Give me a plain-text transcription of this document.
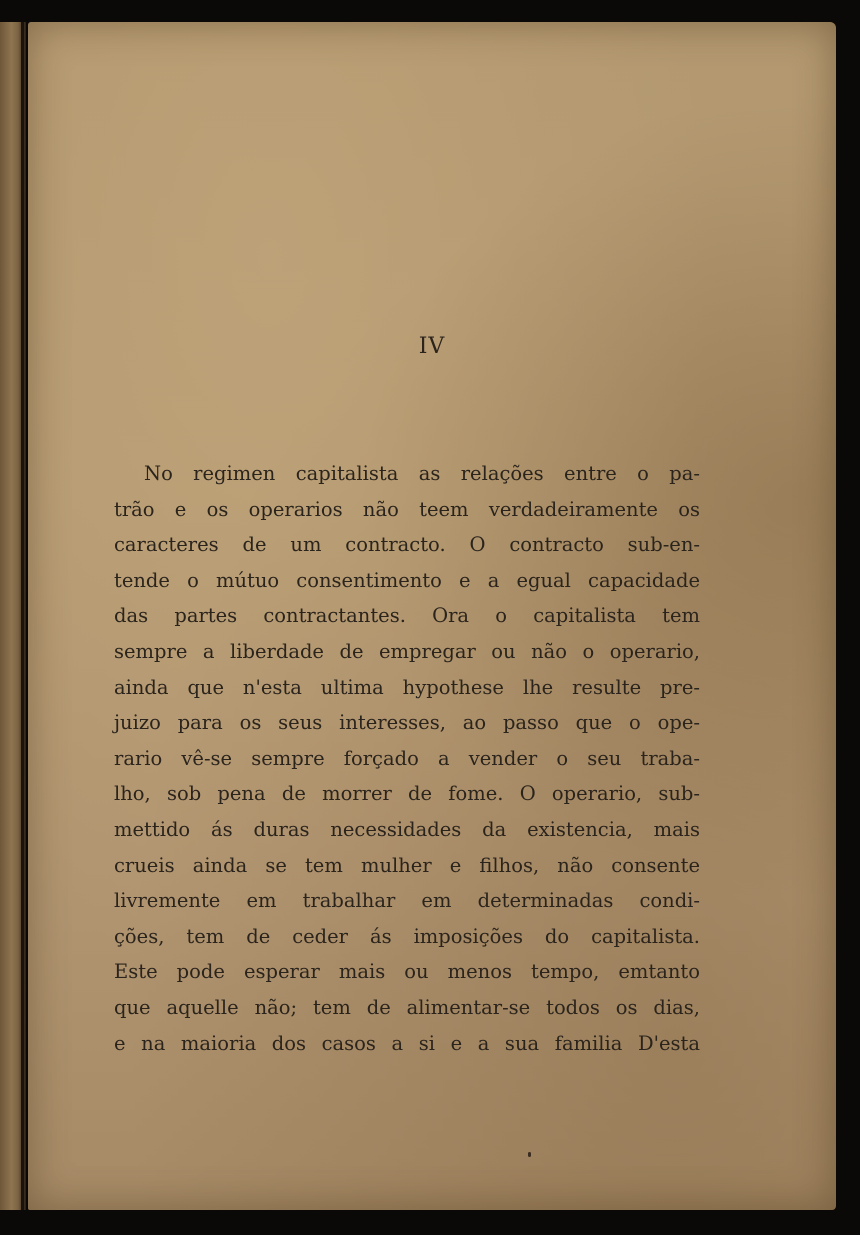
IV

No regimen capitalista as relações entre o pa-
trão e os operarios não teem verdadeiramente os
caracteres de um contracto. O contracto sub-en-
tende o mútuo consentimento e a egual capacidade
das partes contractantes. Ora o capitalista tem
sempre a liberdade de empregar ou não o operario,
ainda que n'esta ultima hypothese lhe resulte pre-
juizo para os seus interesses, ao passo que o ope-
rario vê-se sempre forçado a vender o seu traba-
lho, sob pena de morrer de fome. O operario, sub-
mettido ás duras necessidades da existencia, mais
crueis ainda se tem mulher e filhos, não consente
livremente em trabalhar em determinadas condi-
ções, tem de ceder ás imposições do capitalista.
Este pode esperar mais ou menos tempo, emtanto
que aquelle não; tem de alimentar-se todos os dias,
e na maioria dos casos a si e a sua familia D'esta
